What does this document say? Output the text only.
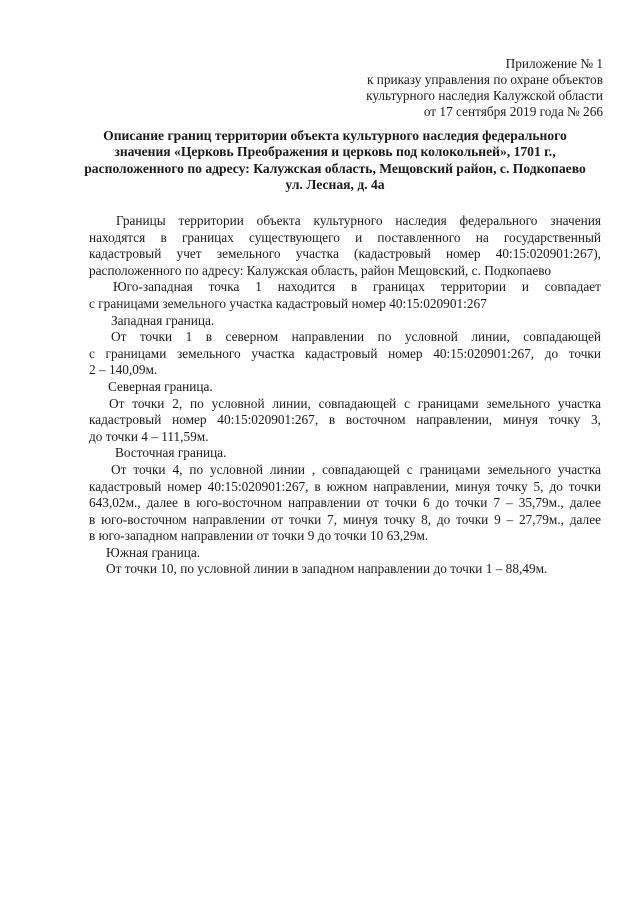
Приложение № 1
к приказу управления по охране объектов
культурного наследия Калужской области
от 17 сентября 2019 года № 266
Описание границ территории объекта культурного наследия федерального
значения «Церковь Преображения и церковь под колокольней», 1701 г.,
расположенного по адресу: Калужская область, Мещовский район, с. Подкопаево
ул. Лесная, д. 4а
Границы территории объекта культурного наследия федерального значения
находятся в границах существующего и поставленного на государственный
кадастровый учет земельного участка (кадастровый номер 40:15:020901:267),
расположенного по адресу: Калужская область, район Мещовский, с. Подкопаево
Юго-западная точка 1 находится в границах территории и совпадает
с границами земельного участка кадастровый номер 40:15:020901:267
Западная граница.
От точки 1 в северном направлении по условной линии, совпадающей
с границами земельного участка кадастровый номер 40:15:020901:267, до точки
2 – 140,09м.
Северная граница.
От точки 2, по условной линии, совпадающей с границами земельного участка
кадастровый номер 40:15:020901:267, в восточном направлении, минуя точку 3,
до точки 4 – 111,59м.
Восточная граница.
От точки 4, по условной линии , совпадающей с границами земельного участка
кадастровый номер 40:15:020901:267, в южном направлении, минуя точку 5, до точки
643,02м., далее в юго-восточном направлении от точки 6 до точки 7 – 35,79м., далее
в юго-восточном направлении от точки 7, минуя точку 8, до точки 9 – 27,79м., далее
в юго-западном направлении от точки 9 до точки 10 63,29м.
Южная граница.
От точки 10, по условной линии в западном направлении до точки 1 – 88,49м.
